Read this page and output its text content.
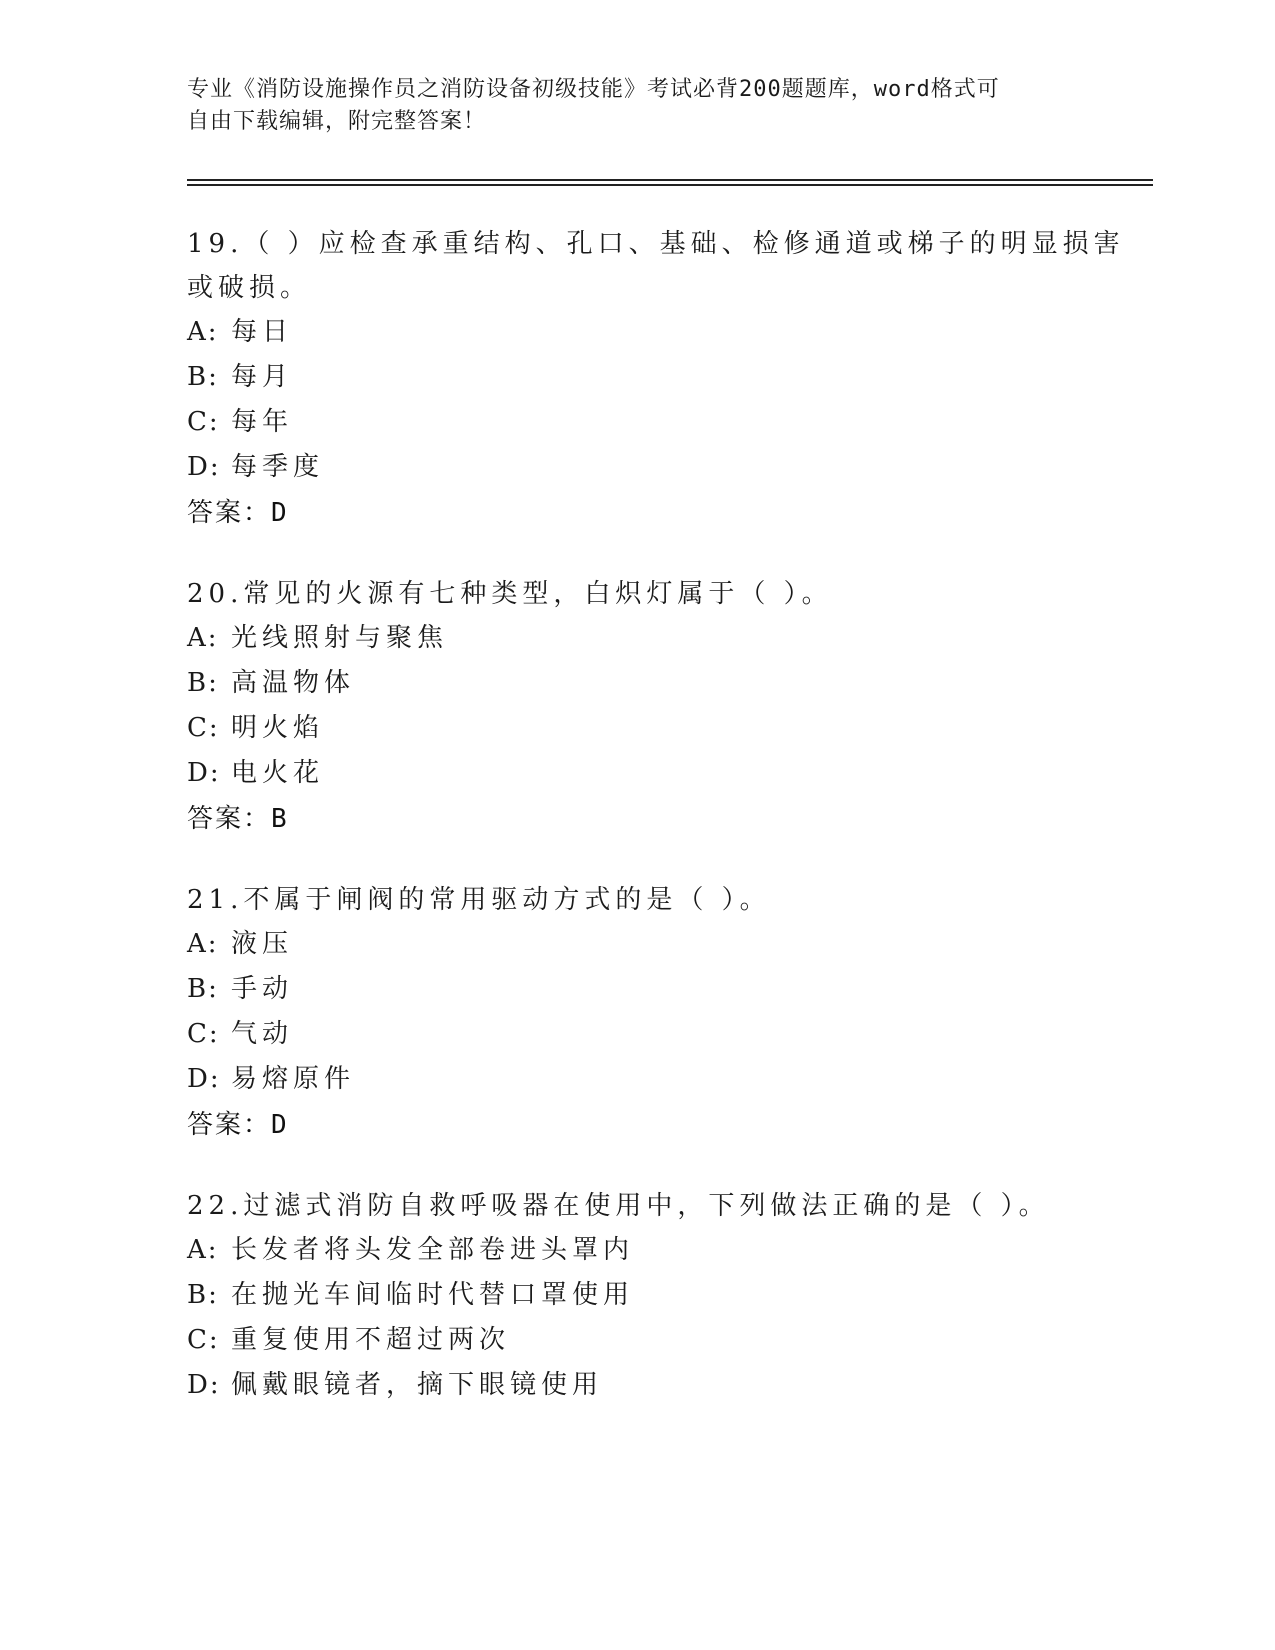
专业《消防设施操作员之消防设备初级技能》考试必背200题题库，word格式可
自由下载编辑，附完整答案！
19.（ ）应检查承重结构、孔口、基础、检修通道或梯子的明显损害
或破损。
A: 每日
B: 每月
C: 每年
D: 每季度
答案：D
20.常见的火源有七种类型，白炽灯属于（ ）。
A: 光线照射与聚焦
B: 高温物体
C: 明火焰
D: 电火花
答案：B
21.不属于闸阀的常用驱动方式的是（ ）。
A: 液压
B: 手动
C: 气动
D: 易熔原件
答案：D
22.过滤式消防自救呼吸器在使用中，下列做法正确的是（ ）。
A: 长发者将头发全部卷进头罩内
B: 在抛光车间临时代替口罩使用
C: 重复使用不超过两次
D: 佩戴眼镜者，摘下眼镜使用
